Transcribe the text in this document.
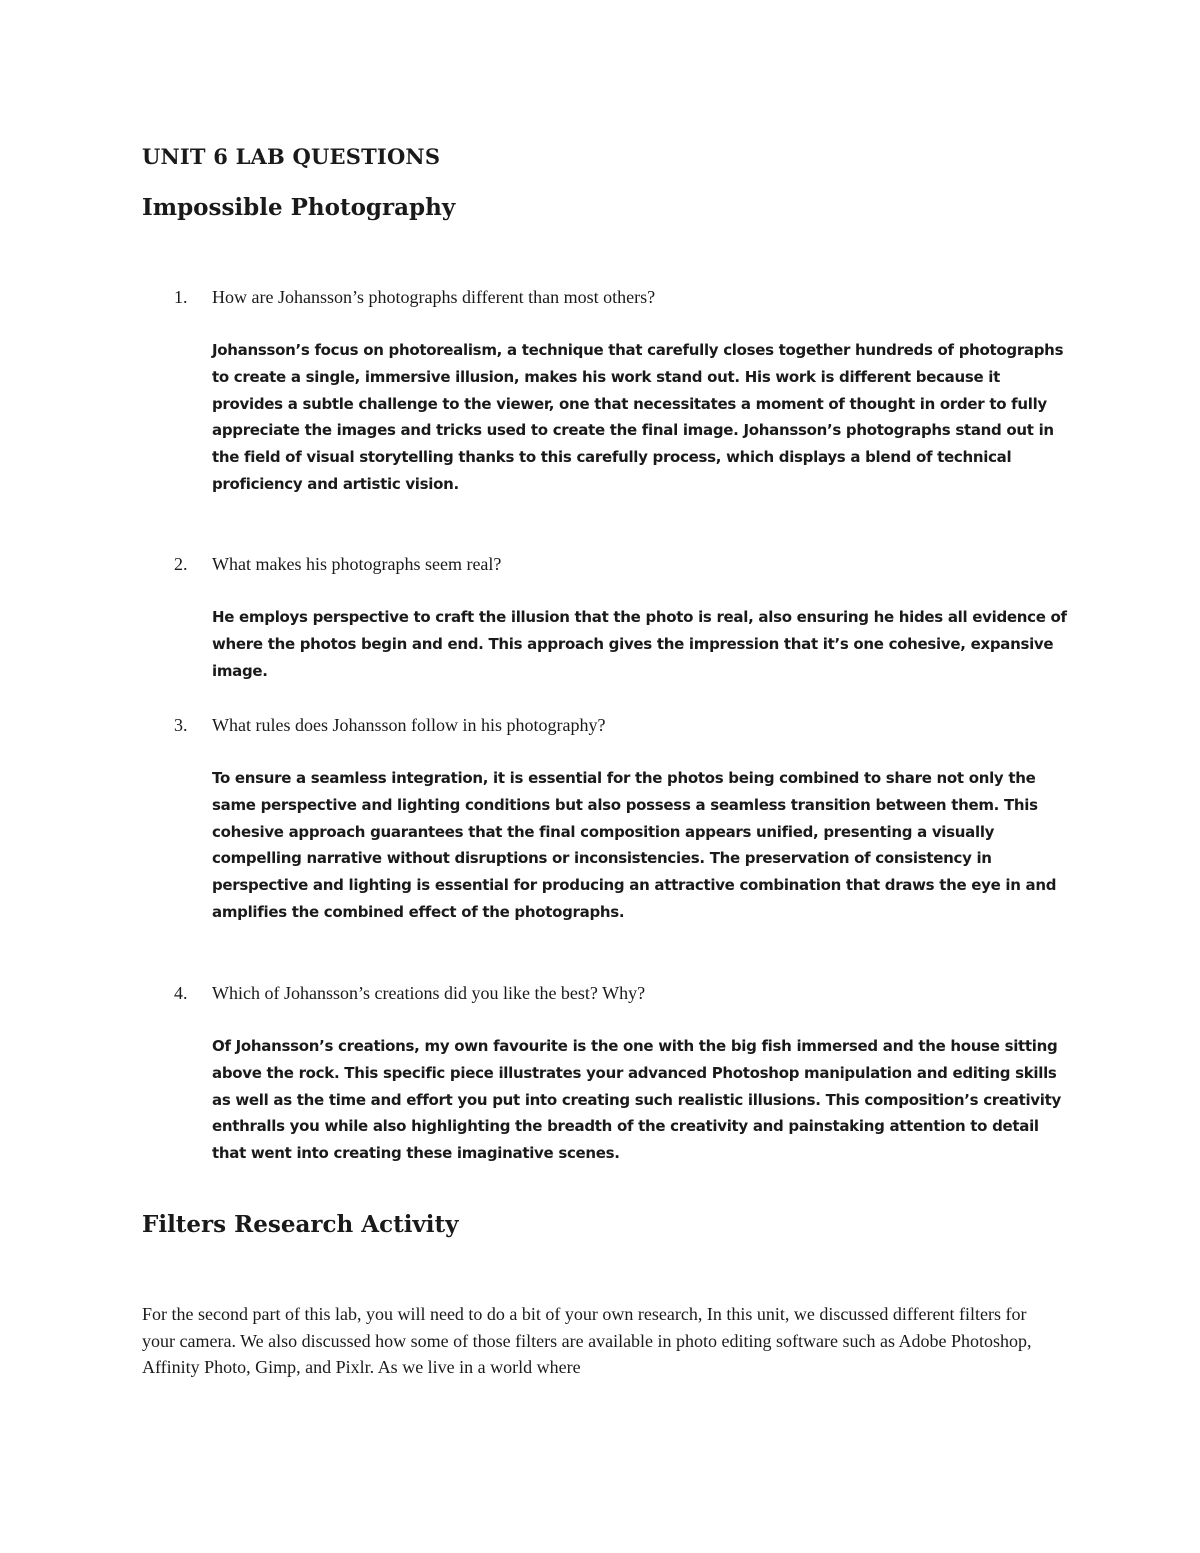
UNIT 6 LAB QUESTIONS
Impossible Photography

1. How are Johansson’s photographs different than most others?

Johansson’s focus on photorealism, a technique that carefully closes together hundreds of photographs to create a single, immersive illusion, makes his work stand out. His work is different because it provides a subtle challenge to the viewer, one that necessitates a moment of thought in order to fully appreciate the images and tricks used to create the final image. Johansson’s photographs stand out in the field of visual storytelling thanks to this carefully process, which displays a blend of technical proficiency and artistic vision.

2. What makes his photographs seem real?

He employs perspective to craft the illusion that the photo is real, also ensuring he hides all evidence of where the photos begin and end. This approach gives the impression that it’s one cohesive, expansive image.

3. What rules does Johansson follow in his photography?

To ensure a seamless integration, it is essential for the photos being combined to share not only the same perspective and lighting conditions but also possess a seamless transition between them. This cohesive approach guarantees that the final composition appears unified, presenting a visually compelling narrative without disruptions or inconsistencies. The preservation of consistency in perspective and lighting is essential for producing an attractive combination that draws the eye in and amplifies the combined effect of the photographs.

4. Which of Johansson’s creations did you like the best? Why?

Of Johansson’s creations, my own favourite is the one with the big fish immersed and the house sitting above the rock. This specific piece illustrates your advanced Photoshop manipulation and editing skills as well as the time and effort you put into creating such realistic illusions. This composition’s creativity enthralls you while also highlighting the breadth of the creativity and painstaking attention to detail that went into creating these imaginative scenes.

Filters Research Activity

For the second part of this lab, you will need to do a bit of your own research, In this unit, we discussed different filters for your camera. We also discussed how some of those filters are available in photo editing software such as Adobe Photoshop, Affinity Photo, Gimp, and Pixlr. As we live in a world where
